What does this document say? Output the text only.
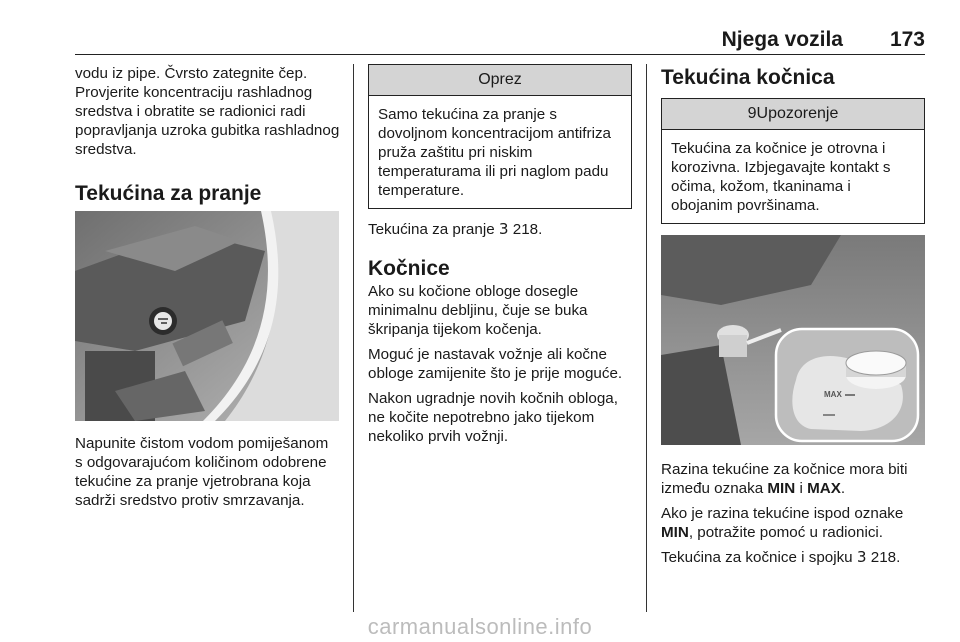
Njega vozila 173

vodu iz pipe. Čvrsto zategnite čep. Provjerite koncentraciju rashladnog sredstva i obratite se radionici radi popravljanja uzroka gubitka rashladnog sredstva.

Tekućina za pranje

Napunite čistom vodom pomiješanom s odgovarajućom količinom odobrene tekućine za pranje vjetrobrana koja sadrži sredstvo protiv smrzavanja.

Oprez
Samo tekućina za pranje s dovoljnom koncentracijom antifriza pruža zaštitu pri niskim temperaturama ili pri naglom padu temperature.

Tekućina za pranje 3 218.

Kočnice

Ako su kočione obloge dosegle minimalnu debljinu, čuje se buka škripanja tijekom kočenja.

Moguć je nastavak vožnje ali kočne obloge zamijenite što je prije moguće.

Nakon ugradnje novih kočnih obloga, ne kočite nepotrebno jako tijekom nekoliko prvih vožnji.

Tekućina kočnica
9Upozorenje
Tekućina za kočnice je otrovna i korozivna. Izbjegavajte kontakt s očima, kožom, tkaninama i obojanim površinama.
MAX

Razina tekućine za kočnice mora biti između oznaka MIN i MAX.

Ako je razina tekućine ispod oznake MIN, potražite pomoć u radionici.

Tekućina za kočnice i spojku 3 218.

carmanualsonline.info
